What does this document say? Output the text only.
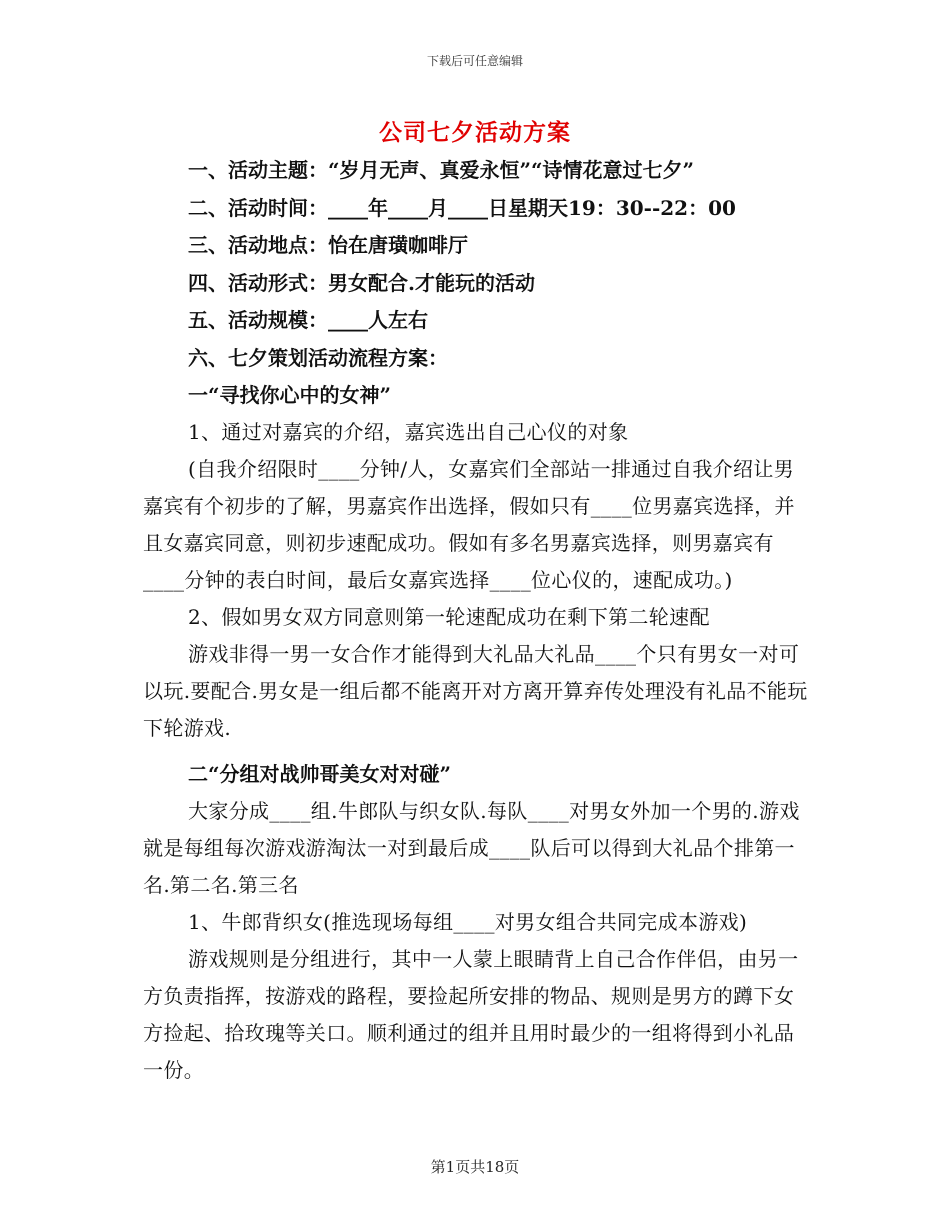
下载后可任意编辑
公司七夕活动方案
一、活动主题：“岁月无声、真爱永恒”“诗情花意过七夕”
二、活动时间：____年____月____日星期天19：30--22：00
三、活动地点：怡在唐璜咖啡厅
四、活动形式：男女配合.才能玩的活动
五、活动规模：____人左右
六、七夕策划活动流程方案：
一“寻找你心中的女神”

1、通过对嘉宾的介绍，嘉宾选出自己心仪的对象

(自我介绍限时____分钟/人，女嘉宾们全部站一排通过自我介绍让男嘉宾有个初步的了解，男嘉宾作出选择，假如只有____位男嘉宾选择，并且女嘉宾同意，则初步速配成功。假如有多名男嘉宾选择，则男嘉宾有____分钟的表白时间，最后女嘉宾选择____位心仪的，速配成功。)

2、假如男女双方同意则第一轮速配成功在剩下第二轮速配

游戏非得一男一女合作才能得到大礼品大礼品____个只有男女一对可以玩.要配合.男女是一组后都不能离开对方离开算弃传处理没有礼品不能玩下轮游戏.

二“分组对战帅哥美女对对碰”

大家分成____组.牛郎队与织女队.每队____对男女外加一个男的.游戏就是每组每次游戏游淘汰一对到最后成____队后可以得到大礼品个排第一名.第二名.第三名

1、牛郎背织女(推选现场每组____对男女组合共同完成本游戏)

游戏规则是分组进行，其中一人蒙上眼睛背上自己合作伴侣，由另一方负责指挥，按游戏的路程，要捡起所安排的物品、规则是男方的蹲下女方捡起、拾玫瑰等关口。顺利通过的组并且用时最少的一组将得到小礼品一份。

第1页共18页
